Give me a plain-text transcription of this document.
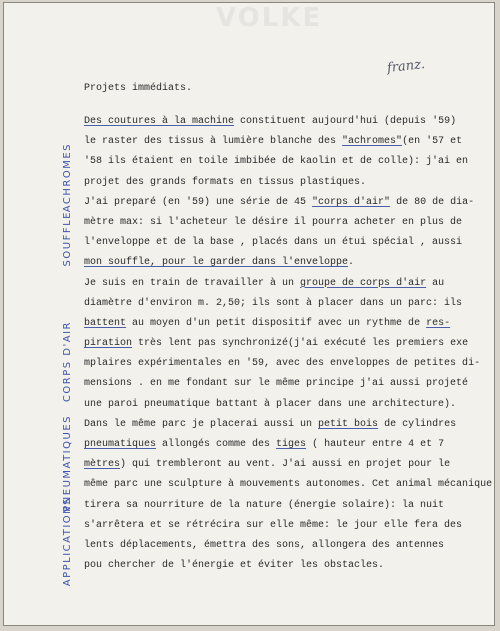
VOLKE
franz.
Projets immédiats.
ACHROMES
SOUFFLE
CORPS D'AIR
PNEUMATIQUES
APPLICATIONS
Des coutures à la machine constituent aujourd'hui (depuis '59)
le raster des tissus à lumière blanche des "achromes"(en '57 et
'58 ils étaient en toile imbibée de kaolin et de colle): j'ai en
projet des grands formats en tissus plastiques.
J'ai preparé (en '59) une série de 45 "corps d'air" de 80 de dia-
mètre max: si l'acheteur le désire il pourra acheter en plus de
l'enveloppe et de la base , placés dans un étui spécial , aussi
mon souffle, pour le garder dans l'enveloppe.
Je suis en train de travailler à un groupe de corps d'air au
diamètre d'environ m. 2,50; ils sont à placer dans un parc: ils
battent au moyen d'un petit dispositif avec un rythme de res-
piration très lent pas synchronizé(j'ai exécuté les premiers exe
mplaires expérimentales en '59, avec des enveloppes de petites di-
mensions . en me fondant sur le même principe j'ai aussi projeté
une paroi pneumatique battant à placer dans une architecture).
Dans le même parc je placerai aussi un petit bois de cylindres
pneumatiques allongés comme des tiges ( hauteur entre 4 et 7
mètres) qui trembleront au vent. J'ai aussi en projet pour le
même parc une sculpture à mouvements autonomes. Cet animal mécanique
tirera sa nourriture de la nature (énergie solaire): la nuit
s'arrêtera et se rétrécira sur elle même: le jour elle fera des
lents déplacements, émettra des sons, allongera des antennes
pou chercher de l'énergie et éviter les obstacles.
